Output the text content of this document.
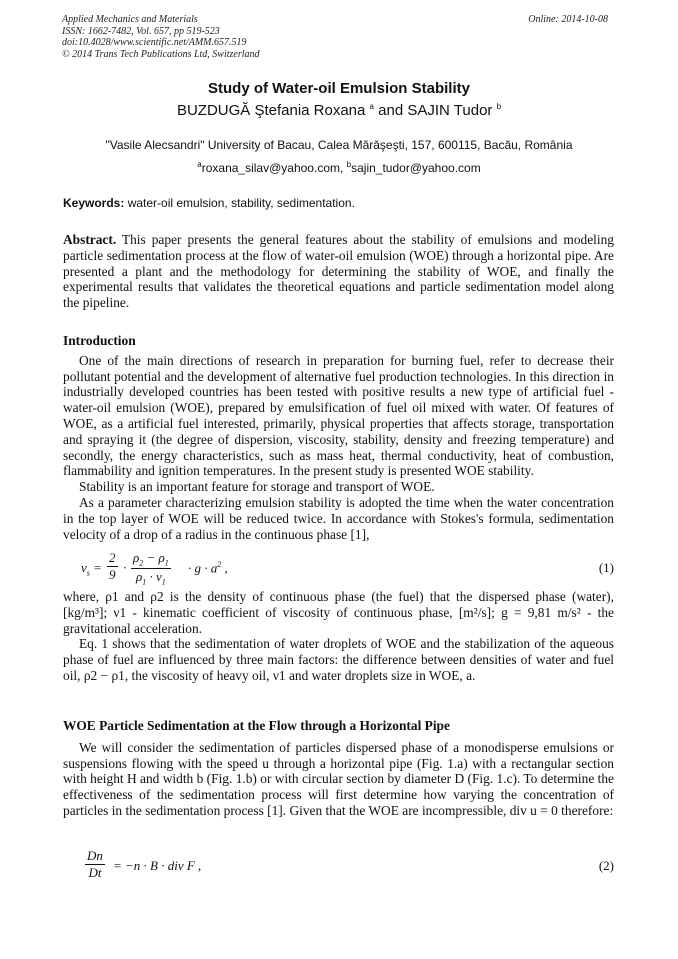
Applied Mechanics and Materials
ISSN: 1662-7482, Vol. 657, pp 519-523
doi:10.4028/www.scientific.net/AMM.657.519
© 2014 Trans Tech Publications Ltd, Switzerland
Online: 2014-10-08
Study of Water-oil Emulsion Stability
BUZDUGĂ Ştefania Roxana $^a$ and SAJIN Tudor $^b$
"Vasile Alecsandri" University of Bacau, Calea Mărăşeşti, 157, 600115, Bacău, România
$^a$roxana_silav@yahoo.com, $^b$sajin_tudor@yahoo.com
Keywords: water-oil emulsion, stability, sedimentation.

Abstract. This paper presents the general features about the stability of emulsions and modeling particle sedimentation process at the flow of water-oil emulsion (WOE) through a horizontal pipe. Are presented a plant and the methodology for determining the stability of WOE, and finally the experimental results that validates the theoretical equations and particle sedimentation model along the pipeline.

Introduction

One of the main directions of research in preparation for burning fuel, refer to decrease their pollutant potential and the development of alternative fuel production technologies. In this direction in industrially developed countries has been tested with positive results a new type of artificial fuel - water-oil emulsion (WOE), prepared by emulsification of fuel oil mixed with water. Of features of WOE, as a artificial fuel interested, primarily, physical properties that affects storage, transportation and spraying it (the degree of dispersion, viscosity, stability, density and freezing temperature) and secondly, the energy characteristics, such as mass heat, thermal conductivity, heat of combustion, flammability and ignition temperatures. In the present study is presented WOE stability.

Stability is an important feature for storage and transport of WOE.

As a parameter characterizing emulsion stability is adopted the time when the water concentration in the top layer of WOE will be reduced twice. In accordance with Stokes's formula, sedimentation velocity of a drop of a radius in the continuous phase [1],

$v_s = \frac{2}{9} \cdot \frac{\rho_2 - \rho_1}{\rho_1 \cdot \nu_1} \cdot g \cdot a^2$ ,	(1)

where, ρ1 and ρ2 is the density of continuous phase (the fuel) that the dispersed phase (water), [kg/m³]; ν1 - kinematic coefficient of viscosity of continuous phase, [m²/s]; g = 9,81 m/s² - the gravitational acceleration.

Eq. 1 shows that the sedimentation of water droplets of WOE and the stabilization of the aqueous phase of fuel are influenced by three main factors: the difference between densities of water and fuel oil, ρ2 − ρ1, the viscosity of heavy oil, ν1 and water droplets size in WOE, a.

WOE Particle Sedimentation at the Flow through a Horizontal Pipe

We will consider the sedimentation of particles dispersed phase of a monodisperse emulsions or suspensions flowing with the speed u through a horizontal pipe (Fig. 1.a) with a rectangular section with height H and width b (Fig. 1.b) or with circular section by diameter D (Fig. 1.c). To determine the effectiveness of the sedimentation process will first determine how varying the concentration of particles in the sedimentation process [1]. Given that the WOE are incompressible, div u = 0 therefore:

$\frac{Dn}{Dt} = -n \cdot B$ · div F ,	(2)
